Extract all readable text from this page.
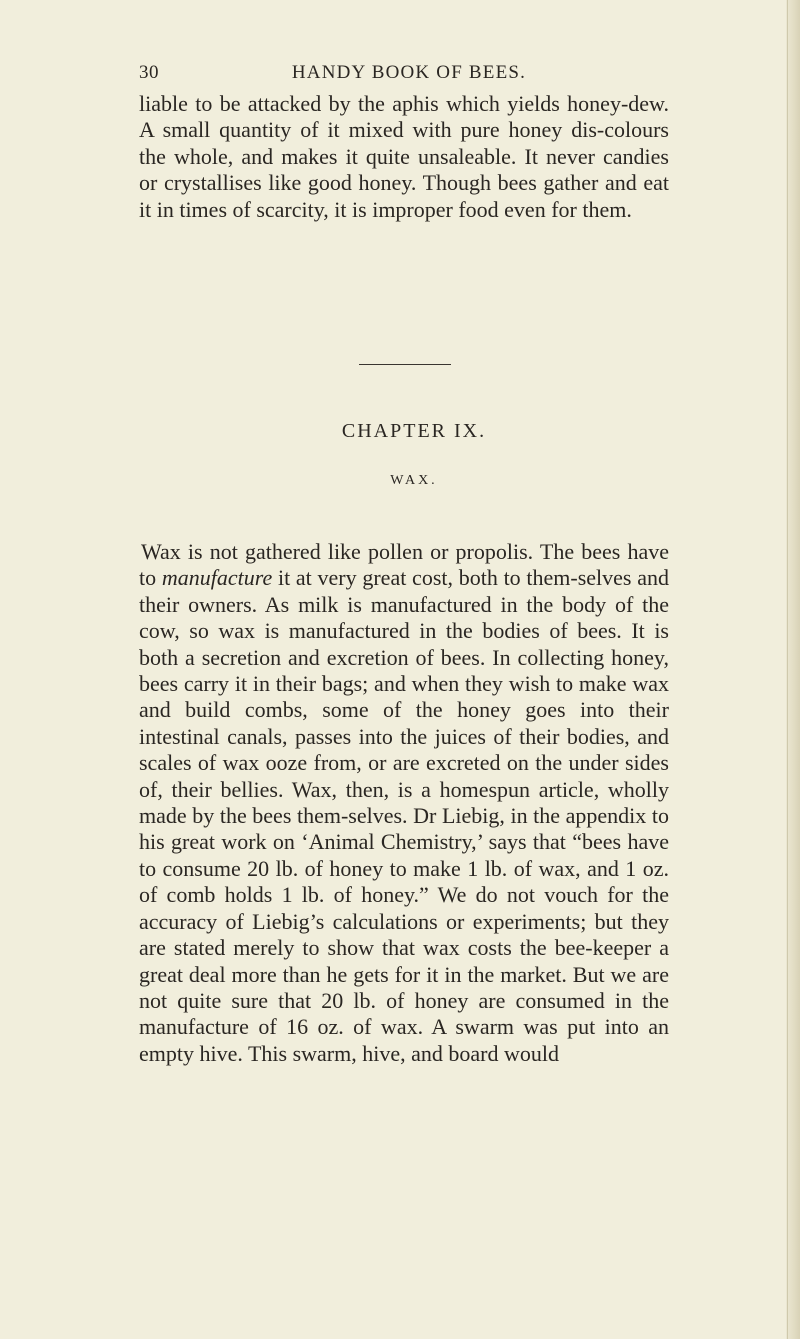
30	HANDY BOOK OF BEES.

liable to be attacked by the aphis which yields honey-dew. A small quantity of it mixed with pure honey dis-colours the whole, and makes it quite unsaleable. It never candies or crystallises like good honey. Though bees gather and eat it in times of scarcity, it is improper food even for them.

CHAPTER IX.
WAX.

Wax is not gathered like pollen or propolis. The bees have to manufacture it at very great cost, both to them-selves and their owners. As milk is manufactured in the body of the cow, so wax is manufactured in the bodies of bees. It is both a secretion and excretion of bees. In collecting honey, bees carry it in their bags; and when they wish to make wax and build combs, some of the honey goes into their intestinal canals, passes into the juices of their bodies, and scales of wax ooze from, or are excreted on the under sides of, their bellies. Wax, then, is a homespun article, wholly made by the bees them-selves. Dr Liebig, in the appendix to his great work on ‘Animal Chemistry,’ says that “bees have to consume 20 lb. of honey to make 1 lb. of wax, and 1 oz. of comb holds 1 lb. of honey.” We do not vouch for the accuracy of Liebig’s calculations or experiments; but they are stated merely to show that wax costs the bee-keeper a great deal more than he gets for it in the market. But we are not quite sure that 20 lb. of honey are consumed in the manufacture of 16 oz. of wax. A swarm was put into an empty hive. This swarm, hive, and board would
